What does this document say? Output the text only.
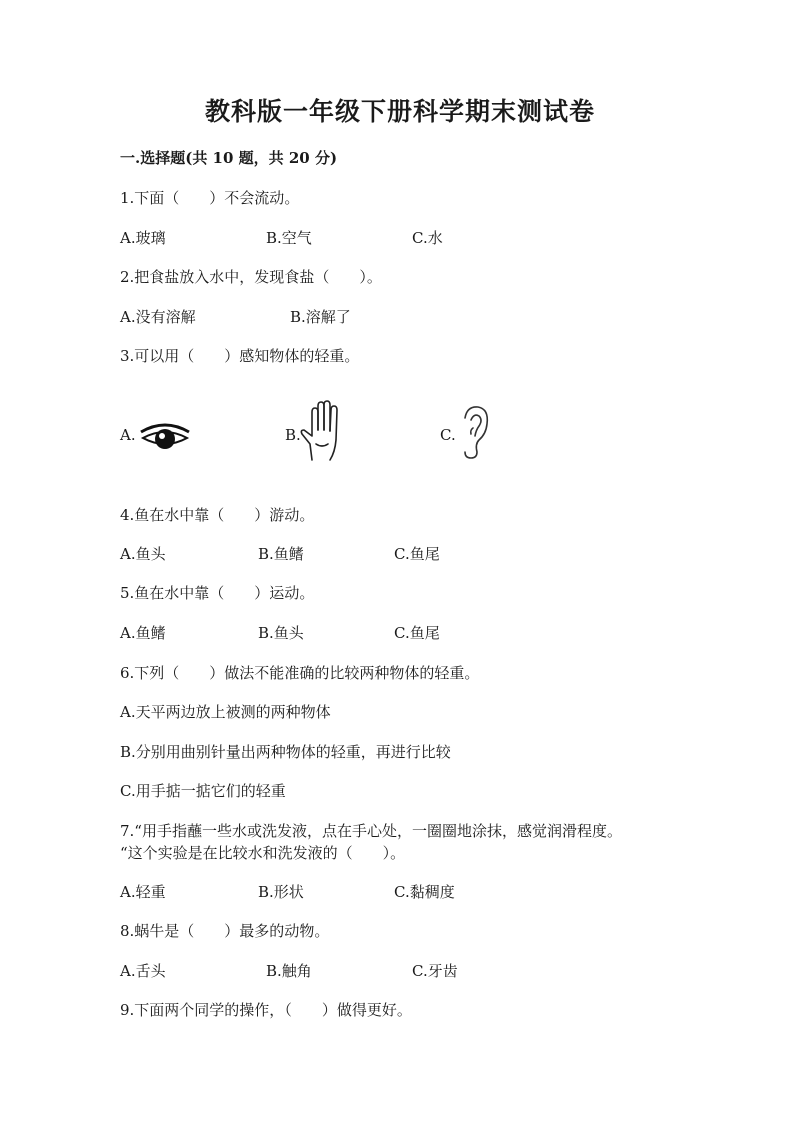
教科版一年级下册科学期末测试卷
一.选择题(共 10 题，共 20 分)
1.下面（　　）不会流动。
A.玻璃	B.空气	C.水
2.把食盐放入水中，发现食盐（　　）。
A.没有溶解	B.溶解了
3.可以用（　　）感知物体的轻重。
A.	B.	C.
4.鱼在水中靠（　　）游动。
A.鱼头	B.鱼鳍	C.鱼尾
5.鱼在水中靠（　　）运动。
A.鱼鳍	B.鱼头	C.鱼尾
6.下列（　　）做法不能准确的比较两种物体的轻重。
A.天平两边放上被测的两种物体
B.分别用曲别针量出两种物体的轻重，再进行比较
C.用手掂一掂它们的轻重
7.“用手指蘸一些水或洗发液，点在手心处，一圈圈地涂抹，感觉润滑程度。
“这个实验是在比较水和洗发液的（　　）。
A.轻重	B.形状	C.黏稠度
8.蜗牛是（　　）最多的动物。
A.舌头	B.触角	C.牙齿
9.下面两个同学的操作，（　　）做得更好。
